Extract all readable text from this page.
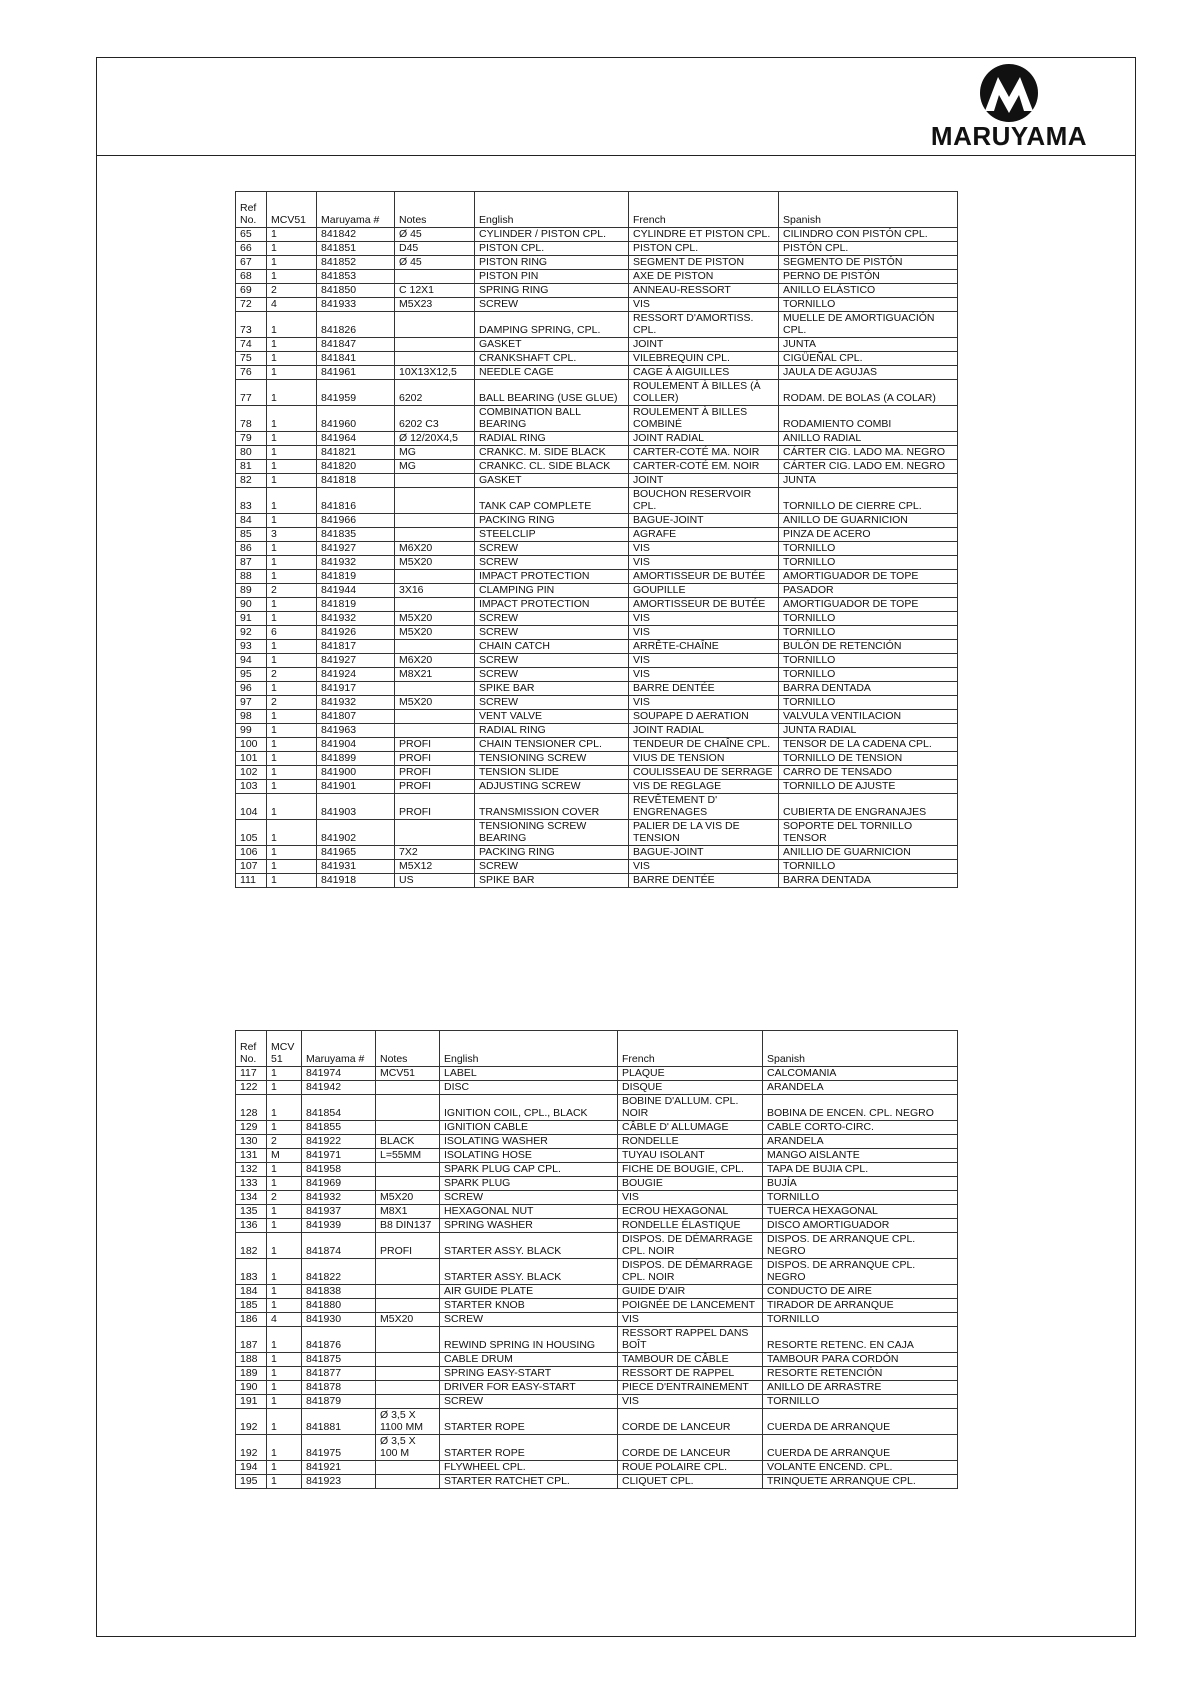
MARUYAMA
Ref No.	MCV51	Maruyama #	Notes	English	French	Spanish
65	1	841842	Ø 45	CYLINDER / PISTON CPL.	CYLINDRE ET PISTON CPL.	CILINDRO CON PISTÓN CPL.
66	1	841851	D45	PISTON CPL.	PISTON CPL.	PISTÓN CPL.
67	1	841852	Ø 45	PISTON RING	SEGMENT DE PISTON	SEGMENTO DE PISTÓN
68	1	841853		PISTON PIN	AXE DE PISTON	PERNO DE PISTÓN
69	2	841850	C 12X1	SPRING RING	ANNEAU-RESSORT	ANILLO ELÁSTICO
72	4	841933	M5X23	SCREW	VIS	TORNILLO
73	1	841826		DAMPING SPRING, CPL.	RESSORT D'AMORTISS. CPL.	MUELLE DE AMORTIGUACIÓN CPL.
74	1	841847		GASKET	JOINT	JUNTA
75	1	841841		CRANKSHAFT CPL.	VILEBREQUIN CPL.	CIGÜEÑAL CPL.
76	1	841961	10X13X12,5	NEEDLE CAGE	CAGE À AIGUILLES	JAULA DE AGUJAS
77	1	841959	6202	BALL BEARING (USE GLUE)	ROULEMENT À BILLES (À COLLER)	RODAM. DE BOLAS (A COLAR)
78	1	841960	6202 C3	COMBINATION BALL BEARING	ROULEMENT À BILLES COMBINÉ	RODAMIENTO COMBI
79	1	841964	Ø 12/20X4,5	RADIAL RING	JOINT RADIAL	ANILLO RADIAL
80	1	841821	MG	CRANKC. M. SIDE BLACK	CARTER-COTÉ MA. NOIR	CÁRTER CIG. LADO MA. NEGRO
81	1	841820	MG	CRANKC. CL. SIDE BLACK	CARTER-COTÉ EM. NOIR	CÁRTER CIG. LADO EM. NEGRO
82	1	841818		GASKET	JOINT	JUNTA
83	1	841816		TANK CAP COMPLETE	BOUCHON RESERVOIR CPL.	TORNILLO DE CIERRE CPL.
84	1	841966		PACKING RING	BAGUE-JOINT	ANILLO DE GUARNICION
85	3	841835		STEELCLIP	AGRAFE	PINZA DE ACERO
86	1	841927	M6X20	SCREW	VIS	TORNILLO
87	1	841932	M5X20	SCREW	VIS	TORNILLO
88	1	841819		IMPACT PROTECTION	AMORTISSEUR DE BUTÉE	AMORTIGUADOR DE TOPE
89	2	841944	3X16	CLAMPING PIN	GOUPILLE	PASADOR
90	1	841819		IMPACT PROTECTION	AMORTISSEUR DE BUTÉE	AMORTIGUADOR DE TOPE
91	1	841932	M5X20	SCREW	VIS	TORNILLO
92	6	841926	M5X20	SCREW	VIS	TORNILLO
93	1	841817		CHAIN CATCH	ARRÊTE-CHAÎNE	BULÓN DE RETENCIÓN
94	1	841927	M6X20	SCREW	VIS	TORNILLO
95	2	841924	M8X21	SCREW	VIS	TORNILLO
96	1	841917		SPIKE BAR	BARRE DENTÉE	BARRA DENTADA
97	2	841932	M5X20	SCREW	VIS	TORNILLO
98	1	841807		VENT VALVE	SOUPAPE D AERATION	VALVULA VENTILACION
99	1	841963		RADIAL RING	JOINT RADIAL	JUNTA RADIAL
100	1	841904	PROFI	CHAIN TENSIONER CPL.	TENDEUR DE CHAÎNE CPL.	TENSOR DE LA CADENA CPL.
101	1	841899	PROFI	TENSIONING SCREW	VIUS DE TENSION	TORNILLO DE TENSION
102	1	841900	PROFI	TENSION SLIDE	COULISSEAU DE SERRAGE	CARRO DE TENSADO
103	1	841901	PROFI	ADJUSTING SCREW	VIS DE REGLAGE	TORNILLO DE AJUSTE
104	1	841903	PROFI	TRANSMISSION COVER	REVÊTEMENT D' ENGRENAGES	CUBIERTA DE ENGRANAJES
105	1	841902		TENSIONING SCREW BEARING	PALIER DE LA VIS DE TENSION	SOPORTE DEL TORNILLO TENSOR
106	1	841965	7X2	PACKING RING	BAGUE-JOINT	ANILLIO DE GUARNICION
107	1	841931	M5X12	SCREW	VIS	TORNILLO
111	1	841918	US	SPIKE BAR	BARRE DENTÉE	BARRA DENTADA
Ref No.	MCV 51	Maruyama #	Notes	English	French	Spanish
117	1	841974	MCV51	LABEL	PLAQUE	CALCOMANIA
122	1	841942		DISC	DISQUE	ARANDELA
128	1	841854		IGNITION COIL, CPL., BLACK	BOBINE D'ALLUM. CPL. NOIR	BOBINA DE ENCEN. CPL. NEGRO
129	1	841855		IGNITION CABLE	CÂBLE D' ALLUMAGE	CABLE CORTO-CIRC.
130	2	841922	BLACK	ISOLATING WASHER	RONDELLE	ARANDELA
131	M	841971	L=55MM	ISOLATING HOSE	TUYAU ISOLANT	MANGO AISLANTE
132	1	841958		SPARK PLUG CAP CPL.	FICHE DE BOUGIE, CPL.	TAPA DE BUJIA CPL.
133	1	841969		SPARK PLUG	BOUGIE	BUJÍA
134	2	841932	M5X20	SCREW	VIS	TORNILLO
135	1	841937	M8X1	HEXAGONAL NUT	ECROU HEXAGONAL	TUERCA HEXAGONAL
136	1	841939	B8 DIN137	SPRING WASHER	RONDELLE ÉLASTIQUE	DISCO AMORTIGUADOR
182	1	841874	PROFI	STARTER ASSY. BLACK	DISPOS. DE DÉMARRAGE CPL. NOIR	DISPOS. DE ARRANQUE CPL. NEGRO
183	1	841822		STARTER ASSY. BLACK	DISPOS. DE DÉMARRAGE CPL. NOIR	DISPOS. DE ARRANQUE CPL. NEGRO
184	1	841838		AIR GUIDE PLATE	GUIDE D'AIR	CONDUCTO DE AIRE
185	1	841880		STARTER KNOB	POIGNÉE DE LANCEMENT	TIRADOR DE ARRANQUE
186	4	841930	M5X20	SCREW	VIS	TORNILLO
187	1	841876		REWIND SPRING IN HOUSING	RESSORT RAPPEL DANS BOÎT	RESORTE RETENC. EN CAJA
188	1	841875		CABLE DRUM	TAMBOUR DE CÂBLE	TAMBOUR PARA CORDÓN
189	1	841877		SPRING EASY-START	RESSORT DE RAPPEL	RESORTE RETENCIÓN
190	1	841878		DRIVER FOR EASY-START	PIECE D'ENTRAINEMENT	ANILLO DE ARRASTRE
191	1	841879		SCREW	VIS	TORNILLO
192	1	841881	Ø 3,5 X 1100 MM	STARTER ROPE	CORDE DE LANCEUR	CUERDA DE ARRANQUE
192	1	841975	Ø 3,5 X 100 M	STARTER ROPE	CORDE DE LANCEUR	CUERDA DE ARRANQUE
194	1	841921		FLYWHEEL CPL.	ROUE POLAIRE CPL.	VOLANTE ENCEND. CPL.
195	1	841923		STARTER RATCHET CPL.	CLIQUET CPL.	TRINQUETE ARRANQUE CPL.
